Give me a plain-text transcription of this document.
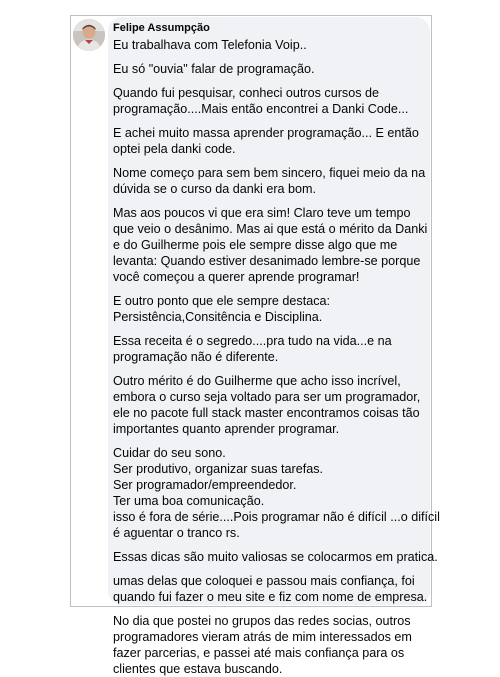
Felipe Assumpção

Eu trabalhava com Telefonia Voip..

Eu só "ouvia" falar de programação.

Quando fui pesquisar, conheci outros cursos de
programação....Mais então encontrei a Danki Code...

E achei muito massa aprender programação... E então
optei pela danki code.

Nome começo para sem bem sincero, fiquei meio da na
dúvida se o curso da danki era bom.

Mas aos poucos vi que era sim! Claro teve um tempo
que veio o desânimo. Mas ai que está o mérito da Danki
e do Guilherme pois ele sempre disse algo que me
levanta: Quando estiver desanimado lembre-se porque
você começou a querer aprende programar!

E outro ponto que ele sempre destaca:
Persistência,Consitência e Disciplina.

Essa receita é o segredo....pra tudo na vida...e na
programação não é diferente.

Outro mérito é do Guilherme que acho isso incrível,
embora o curso seja voltado para ser um programador,
ele no pacote full stack master encontramos coisas tão
importantes quanto aprender programar.

Cuidar do seu sono.
Ser produtivo, organizar suas tarefas.
Ser programador/empreendedor.
Ter uma boa comunicação.
isso é fora de série....Pois programar não é difícil ...o difícil
é aguentar o tranco rs.

Essas dicas são muito valiosas se colocarmos em pratica.

umas delas que coloquei e passou mais confiança, foi
quando fui fazer o meu site e fiz com nome de empresa.

No dia que postei no grupos das redes socias, outros
programadores vieram atrás de mim interessados em
fazer parcerias, e passei até mais confiança para os
clientes que estava buscando.
